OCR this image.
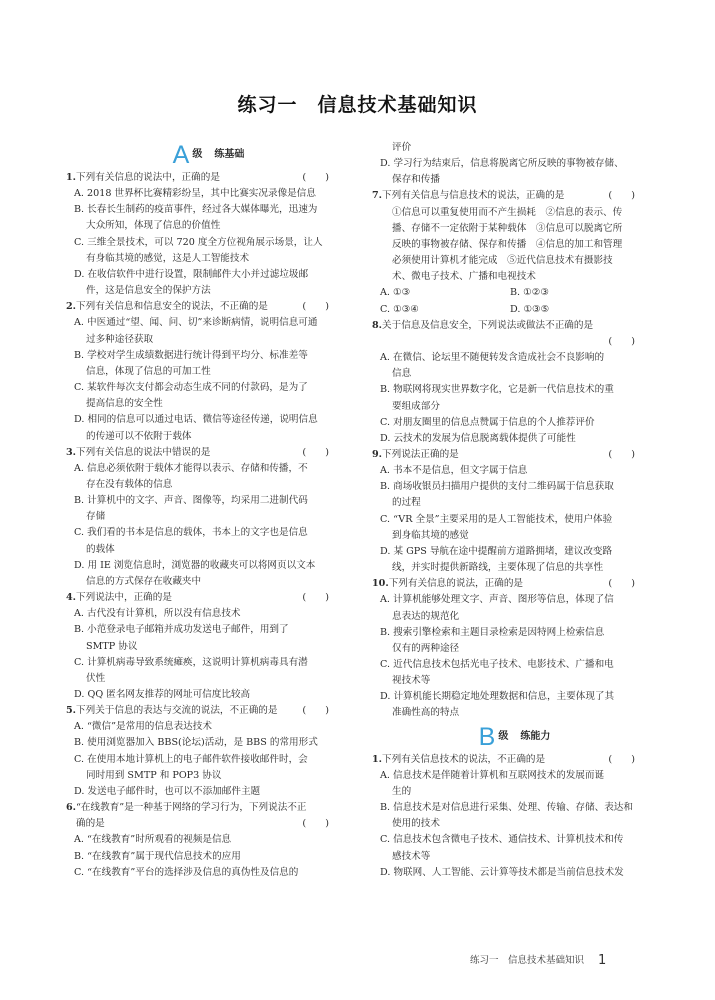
练习一　信息技术基础知识
A级 练基础
(　　)
1.下列有关信息的说法中，正确的是
A. 2018 世界杯比赛精彩纷呈，其中比赛实况录像是信息
B. 长春长生制药的疫苗事件，经过各大媒体曝光，迅速为
大众所知，体现了信息的价值性
C. 三维全景技术，可以 720 度全方位视角展示场景，让人
有身临其境的感觉，这是人工智能技术
D. 在收信软件中进行设置，限制邮件大小并过滤垃圾邮
件，这是信息安全的保护方法
(　　)
2.下列有关信息和信息安全的说法，不正确的是
A. 中医通过“望、闻、问、切”来诊断病情，说明信息可通
过多种途径获取
B. 学校对学生成绩数据进行统计得到平均分、标准差等
信息，体现了信息的可加工性
C. 某软件每次支付都会动态生成不同的付款码，是为了
提高信息的安全性
D. 相同的信息可以通过电话、微信等途径传递，说明信息
的传递可以不依附于载体
(　　)
3.下列有关信息的说法中错误的是
A. 信息必须依附于载体才能得以表示、存储和传播，不
存在没有载体的信息
B. 计算机中的文字、声音、图像等，均采用二进制代码
存储
C. 我们看的书本是信息的载体，书本上的文字也是信息
的载体
D. 用 IE 浏览信息时，浏览器的收藏夹可以将网页以文本
信息的方式保存在收藏夹中
(　　)
4.下列说法中，正确的是
A. 古代没有计算机，所以没有信息技术
B. 小范登录电子邮箱并成功发送电子邮件，用到了
SMTP 协议
C. 计算机病毒导致系统瘫痪，这说明计算机病毒具有潜
伏性
D. QQ 匿名网友推荐的网址可信度比较高
(　　)
5.下列关于信息的表达与交流的说法，不正确的是
A. “微信”是常用的信息表达技术
B. 使用浏览器加入 BBS(论坛)活动，是 BBS 的常用形式
C. 在使用本地计算机上的电子邮件软件接收邮件时，会
同时用到 SMTP 和 POP3 协议
D. 发送电子邮件时，也可以不添加邮件主题
6.“在线教育”是一种基于网络的学习行为，下列说法不正
(　　)
确的是
A. “在线教育”时所观看的视频是信息
B. “在线教育”属于现代信息技术的应用
C. “在线教育”平台的选择涉及信息的真伪性及信息的
评价
D. 学习行为结束后，信息将脱离它所反映的事物被存储、
保存和传播
(　　)
7.下列有关信息与信息技术的说法，正确的是
①信息可以重复使用而不产生损耗　②信息的表示、传
播、存储不一定依附于某种载体　③信息可以脱离它所
反映的事物被存储、保存和传播　④信息的加工和管理
必须使用计算机才能完成　⑤近代信息技术有摄影技
术、微电子技术、广播和电视技术
A. ①③	B. ①②③
C. ①③④	D. ①③⑤
8.关于信息及信息安全，下列说法或做法不正确的是
(　　)

A. 在微信、论坛里不随便转发含造成社会不良影响的
信息
B. 物联网将现实世界数字化，它是新一代信息技术的重
要组成部分
C. 对朋友圈里的信息点赞属于信息的个人推荐评价
D. 云技术的发展为信息脱离载体提供了可能性
(　　)
9.下列说法正确的是
A. 书本不是信息，但文字属于信息
B. 商场收银员扫描用户提供的支付二维码属于信息获取
的过程
C. “VR 全景”主要采用的是人工智能技术，使用户体验
到身临其境的感觉
D. 某 GPS 导航在途中提醒前方道路拥堵，建议改变路
线，并实时提供新路线，主要体现了信息的共享性
(　　)
10.下列有关信息的说法，正确的是
A. 计算机能够处理文字、声音、图形等信息，体现了信
息表达的规范化
B. 搜索引擎检索和主题目录检索是因特网上检索信息
仅有的两种途径
C. 近代信息技术包括光电子技术、电影技术、广播和电
视技术等
D. 计算机能长期稳定地处理数据和信息，主要体现了其
准确性高的特点
B级 练能力
(　　)
1.下列有关信息技术的说法，不正确的是
A. 信息技术是伴随着计算机和互联网技术的发展而诞
生的
B. 信息技术是对信息进行采集、处理、传输、存储、表达和
使用的技术
C. 信息技术包含微电子技术、通信技术、计算机技术和传
感技术等
D. 物联网、人工智能、云计算等技术都是当前信息技术发
练习一　信息技术基础知识 1
